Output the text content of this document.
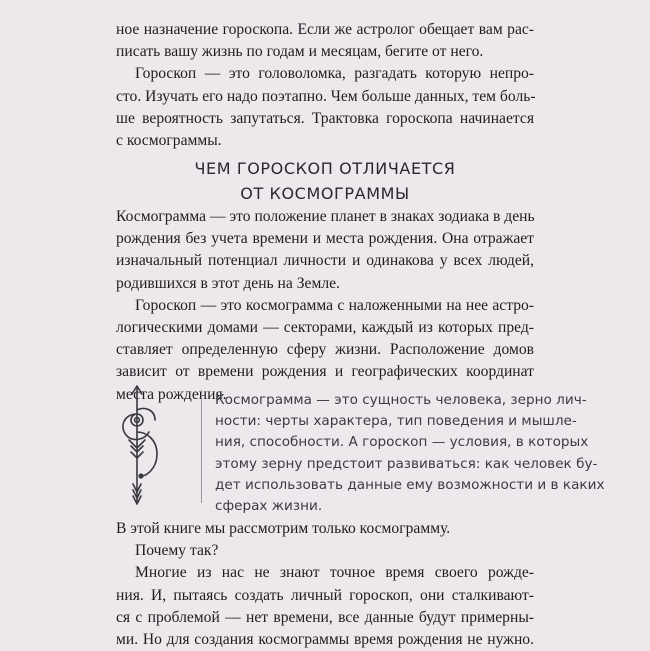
ное назначение гороскопа. Если же астролог обещает вам рас-
писать вашу жизнь по годам и месяцам, бегите от него.

Гороскоп — это головоломка, разгадать которую непро-
сто. Изучать его надо поэтапно. Чем больше данных, тем боль-
ше вероятность запутаться. Трактовка гороскопа начинается
с космограммы.

ЧЕМ ГОРОСКОП ОТЛИЧАЕТСЯ
ОТ КОСМОГРАММЫ

Космограмма — это положение планет в знаках зодиака в день
рождения без учета времени и места рождения. Она отражает
изначальный потенциал личности и одинакова у всех людей,
родившихся в этот день на Земле.

Гороскоп — это космограмма с наложенными на нее астро-
логическими домами — секторами, каждый из которых пред-
ставляет определенную сферу жизни. Расположение домов
зависит от времени рождения и географических координат
места рождения.

Космограмма — это сущность человека, зерно лич-
ности: черты характера, тип поведения и мышле-
ния, способности. А гороскоп — условия, в которых
этому зерну предстоит развиваться: как человек бу-
дет использовать данные ему возможности и в каких
сферах жизни.

В этой книге мы рассмотрим только космограмму.

Почему так?

Многие из нас не знают точное время своего рожде-
ния. И, пытаясь создать личный гороскоп, они сталкивают-
ся с проблемой — нет времени, все данные будут примерны-
ми. Но для создания космограммы время рождения не нужно.
